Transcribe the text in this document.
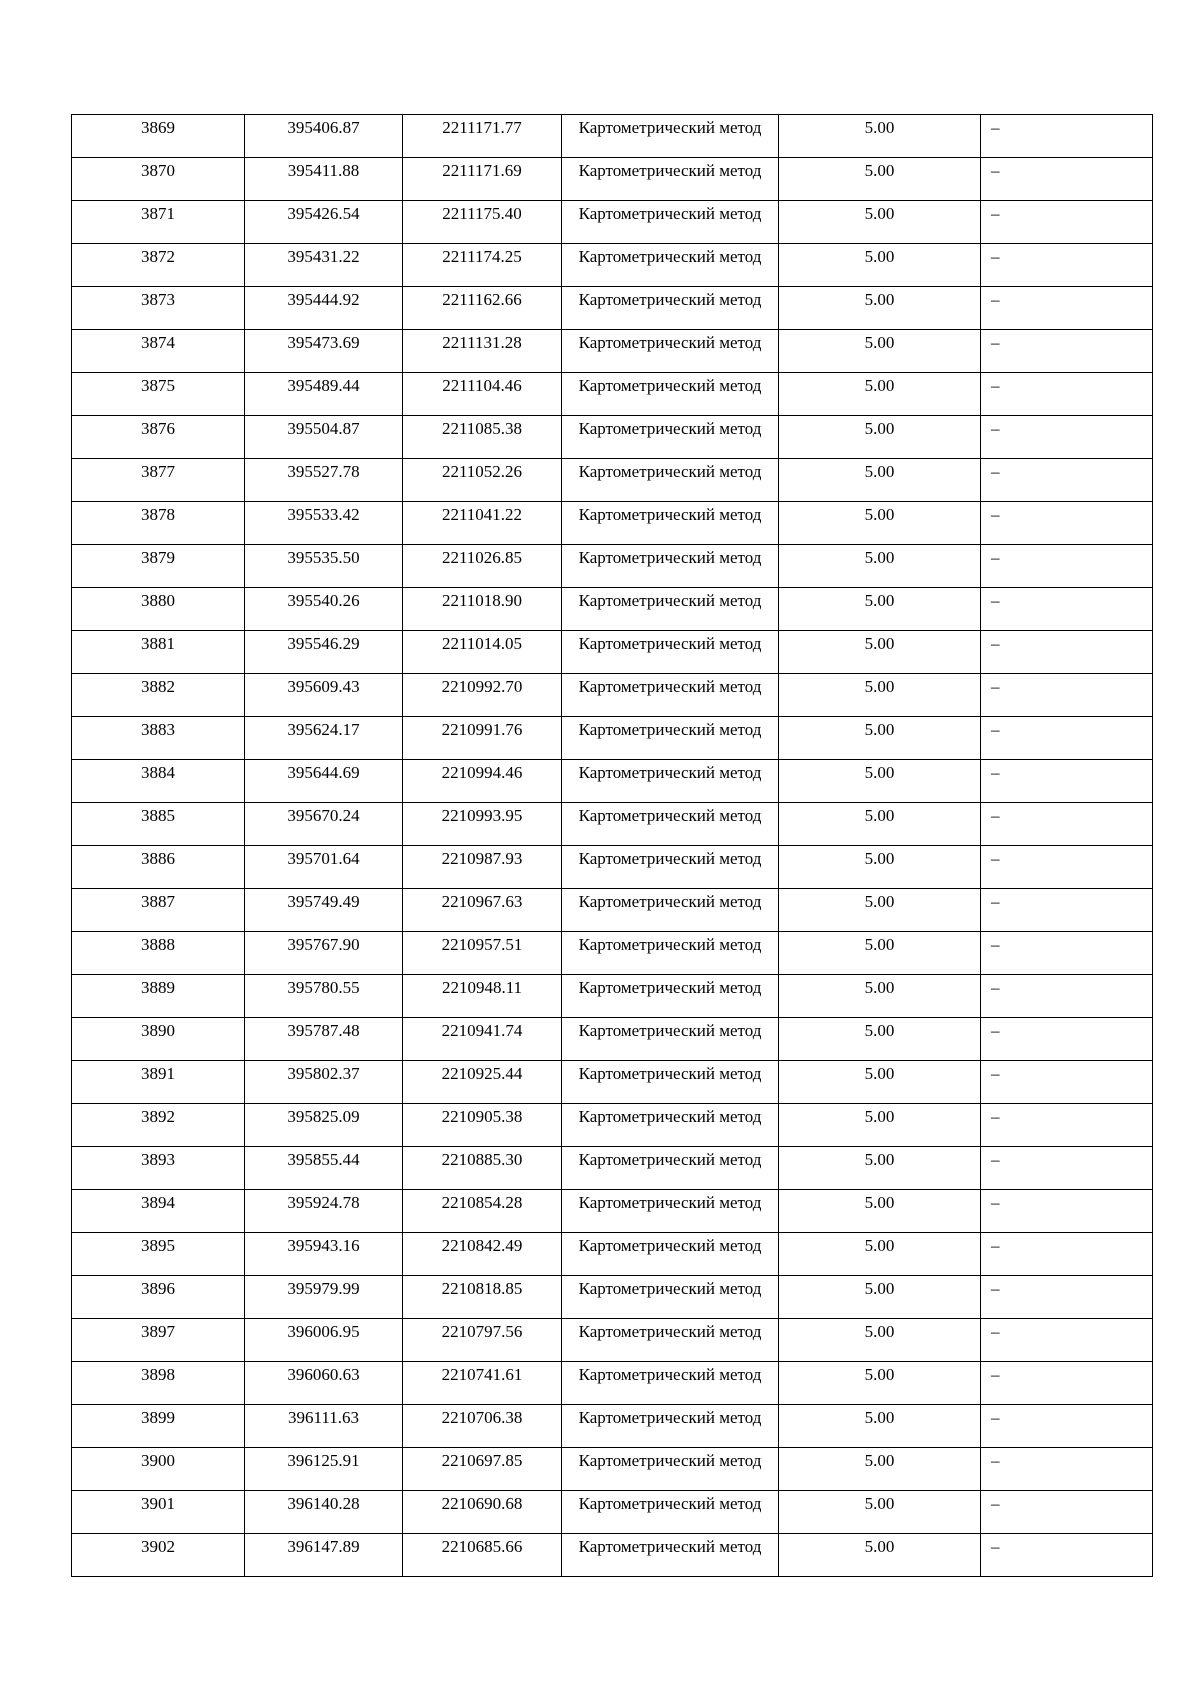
3869	395406.87	2211171.77	Картометрический метод	5.00	–

3870	395411.88	2211171.69	Картометрический метод	5.00	–

3871	395426.54	2211175.40	Картометрический метод	5.00	–

3872	395431.22	2211174.25	Картометрический метод	5.00	–

3873	395444.92	2211162.66	Картометрический метод	5.00	–

3874	395473.69	2211131.28	Картометрический метод	5.00	–

3875	395489.44	2211104.46	Картометрический метод	5.00	–

3876	395504.87	2211085.38	Картометрический метод	5.00	–

3877	395527.78	2211052.26	Картометрический метод	5.00	–

3878	395533.42	2211041.22	Картометрический метод	5.00	–

3879	395535.50	2211026.85	Картометрический метод	5.00	–

3880	395540.26	2211018.90	Картометрический метод	5.00	–

3881	395546.29	2211014.05	Картометрический метод	5.00	–

3882	395609.43	2210992.70	Картометрический метод	5.00	–

3883	395624.17	2210991.76	Картометрический метод	5.00	–

3884	395644.69	2210994.46	Картометрический метод	5.00	–

3885	395670.24	2210993.95	Картометрический метод	5.00	–

3886	395701.64	2210987.93	Картометрический метод	5.00	–

3887	395749.49	2210967.63	Картометрический метод	5.00	–

3888	395767.90	2210957.51	Картометрический метод	5.00	–

3889	395780.55	2210948.11	Картометрический метод	5.00	–

3890	395787.48	2210941.74	Картометрический метод	5.00	–

3891	395802.37	2210925.44	Картометрический метод	5.00	–

3892	395825.09	2210905.38	Картометрический метод	5.00	–

3893	395855.44	2210885.30	Картометрический метод	5.00	–

3894	395924.78	2210854.28	Картометрический метод	5.00	–

3895	395943.16	2210842.49	Картометрический метод	5.00	–

3896	395979.99	2210818.85	Картометрический метод	5.00	–

3897	396006.95	2210797.56	Картометрический метод	5.00	–

3898	396060.63	2210741.61	Картометрический метод	5.00	–

3899	396111.63	2210706.38	Картометрический метод	5.00	–

3900	396125.91	2210697.85	Картометрический метод	5.00	–

3901	396140.28	2210690.68	Картометрический метод	5.00	–

3902	396147.89	2210685.66	Картометрический метод	5.00	–
